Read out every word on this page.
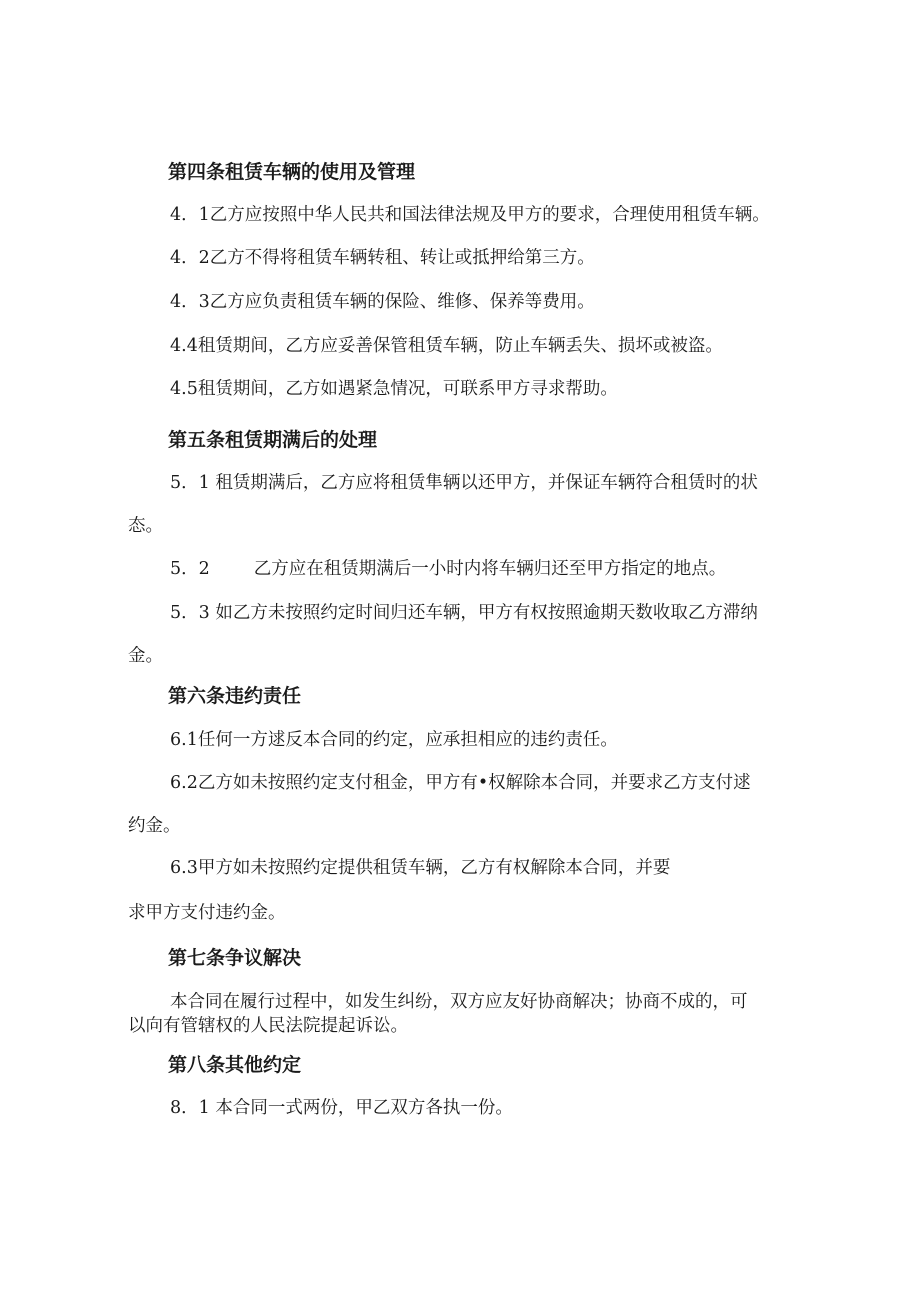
第四条租赁车辆的使用及管理
4．1乙方应按照中华人民共和国法律法规及甲方的要求，合理使用租赁车辆。
4．2乙方不得将租赁车辆转租、转让或抵押给第三方。
4．3乙方应负责租赁车辆的保险、维修、保养等费用。
4.4租赁期间，乙方应妥善保管租赁车辆，防止车辆丢失、损坏或被盗。
4.5租赁期间，乙方如遇紧急情况，可联系甲方寻求帮助。
第五条租赁期满后的处理
5．1 租赁期满后，乙方应将租赁隼辆以还甲方，并保证车辆符合租赁时的状
态。
5．2	乙方应在租赁期满后一小时内将车辆归还至甲方指定的地点。
5．3 如乙方未按照约定时间归还车辆，甲方有权按照逾期天数收取乙方滞纳
金。
第六条违约责任
6.1任何一方逑反本合同的约定，应承担相应的违约责任。
6.2乙方如未按照约定支付租金，甲方有•权解除本合同，并要求乙方支付逑
约金。
6.3甲方如未按照约定提供租赁车辆，乙方有权解除本合同，并要
求甲方支付违约金。
第七条争议解决
本合同在履行过程中，如发生纠纷，双方应友好协商解决；协商不成的，可
以向有管辖权的人民法院提起诉讼。
第八条其他约定
8．1 本合同一式两份，甲乙双方各执一份。
